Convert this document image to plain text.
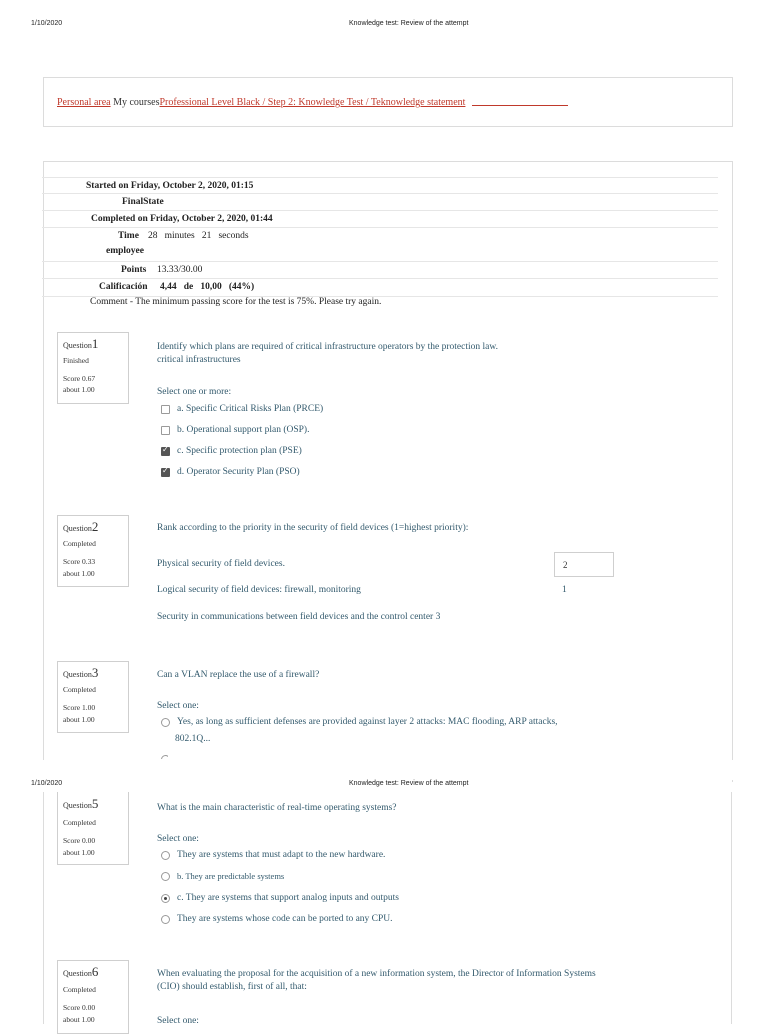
1/10/2020	Knowledge test: Review of the attempt
Personal area My coursesProfessional Level Black / Step 2: Knowledge Test / Teknowledge statement
Started on Friday, October 2, 2020, 01:15
FinalState
Completed on Friday, October 2, 2020, 01:44
Time 28   minutes   21   seconds
employee
Points 13.33/30.00
Calificación 4,44   de   10,00   (44%)
Comment - The minimum passing score for the test is 75%. Please try again.
Question1
Finished
Score 0.67
about 1.00
Identify which plans are required of critical infrastructure operators by the protection law.
critical infrastructures
Select one or more:
a. Specific Critical Risks Plan (PRCE)
b. Operational support plan (OSP).
✓
c. Specific protection plan (PSE)
✓
d. Operator Security Plan (PSO)
Question2
Completed
Score 0.33
about 1.00
Rank according to the priority in the security of field devices (1=highest priority):
Physical security of field devices.	2
Logical security of field devices: firewall, monitoring	1
Security in communications between field devices and the control center 3
Question3
Completed
Score 1.00
about 1.00
Can a VLAN replace the use of a firewall?
Select one:
Yes, as long as sufficient defenses are provided against layer 2 attacks: MAC flooding, ARP attacks,
802.1Q...
1/10/2020	Knowledge test: Review of the attempt
Question5
Completed
Score 0.00
about 1.00
What is the main characteristic of real-time operating systems?
Select one:
They are systems that must adapt to the new hardware.
b. They are predictable systems
c. They are systems that support analog inputs and outputs
They are systems whose code can be ported to any CPU.
Question6
Completed
Score 0.00
about 1.00
When evaluating the proposal for the acquisition of a new information system, the Director of Information Systems
(CIO) should establish, first of all, that:
Select one:
